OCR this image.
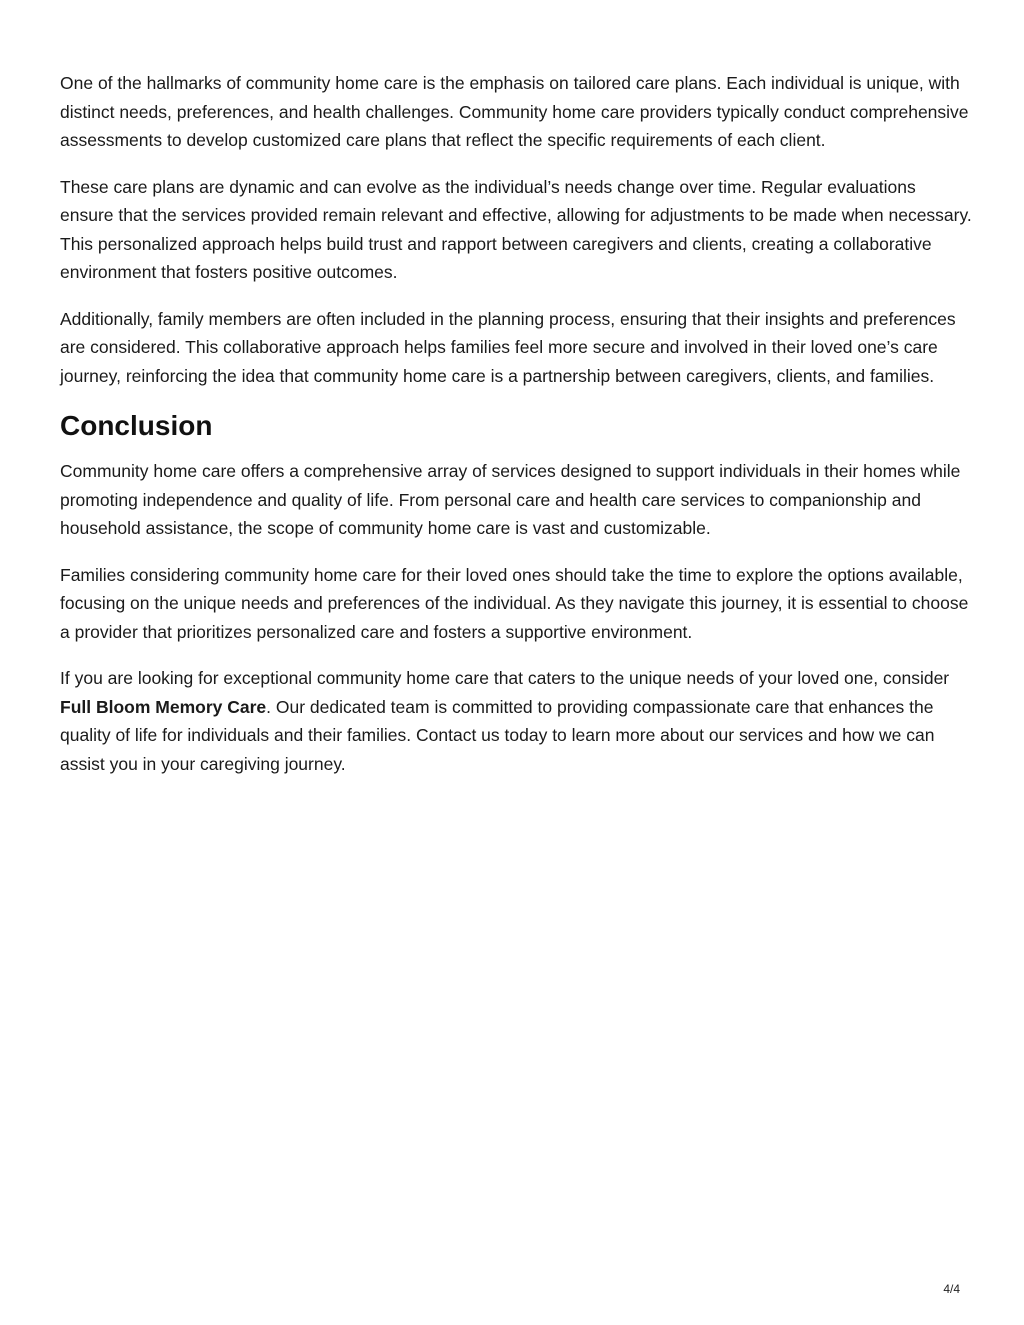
One of the hallmarks of community home care is the emphasis on tailored care plans. Each individual is unique, with distinct needs, preferences, and health challenges. Community home care providers typically conduct comprehensive assessments to develop customized care plans that reflect the specific requirements of each client.

These care plans are dynamic and can evolve as the individual’s needs change over time. Regular evaluations ensure that the services provided remain relevant and effective, allowing for adjustments to be made when necessary. This personalized approach helps build trust and rapport between caregivers and clients, creating a collaborative environment that fosters positive outcomes.

Additionally, family members are often included in the planning process, ensuring that their insights and preferences are considered. This collaborative approach helps families feel more secure and involved in their loved one’s care journey, reinforcing the idea that community home care is a partnership between caregivers, clients, and families.

Conclusion

Community home care offers a comprehensive array of services designed to support individuals in their homes while promoting independence and quality of life. From personal care and health care services to companionship and household assistance, the scope of community home care is vast and customizable.

Families considering community home care for their loved ones should take the time to explore the options available, focusing on the unique needs and preferences of the individual. As they navigate this journey, it is essential to choose a provider that prioritizes personalized care and fosters a supportive environment.

If you are looking for exceptional community home care that caters to the unique needs of your loved one, consider Full Bloom Memory Care. Our dedicated team is committed to providing compassionate care that enhances the quality of life for individuals and their families. Contact us today to learn more about our services and how we can assist you in your caregiving journey.

4/4
